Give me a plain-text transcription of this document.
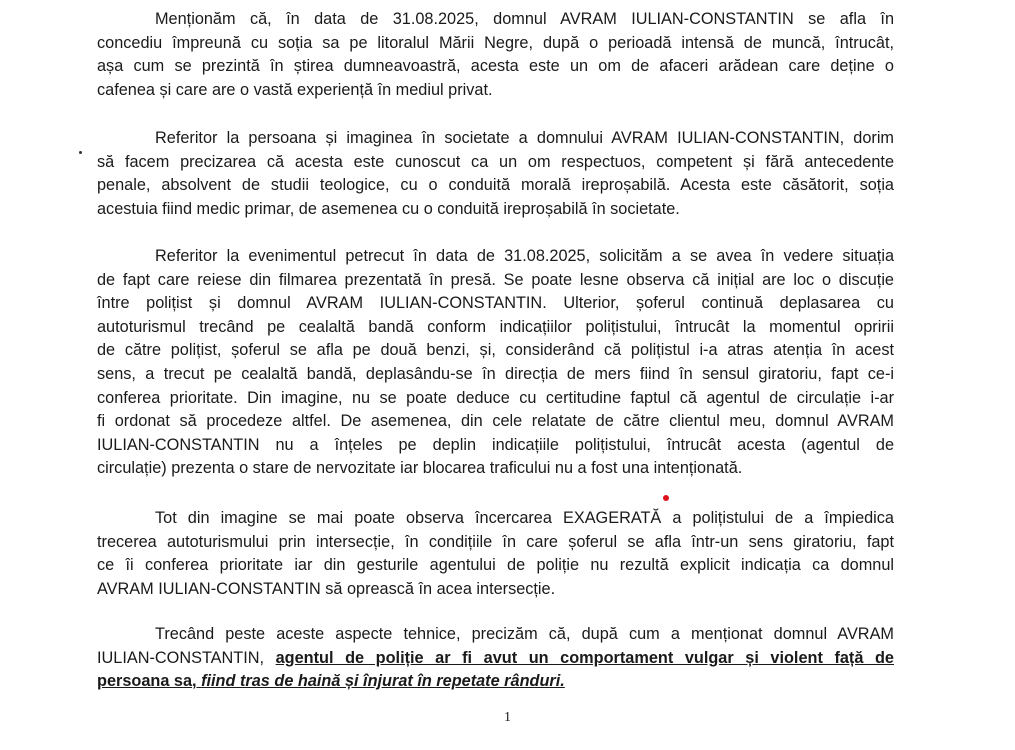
Menționăm că, în data de 31.08.2025, domnul AVRAM IULIAN-CONSTANTIN se afla în
concediu împreună cu soția sa pe litoralul Mării Negre, după o perioadă intensă de muncă, întrucât,
așa cum se prezintă în știrea dumneavoastră, acesta este un om de afaceri arădean care deține o
cafenea și care are o vastă experiență în mediul privat.

Referitor la persoana și imaginea în societate a domnului AVRAM IULIAN-CONSTANTIN, dorim
să facem precizarea că acesta este cunoscut ca un om respectuos, competent și fără antecedente
penale, absolvent de studii teologice, cu o conduită morală ireproșabilă. Acesta este căsătorit, soția
acestuia fiind medic primar, de asemenea cu o conduită ireproșabilă în societate.

Referitor la evenimentul petrecut în data de 31.08.2025, solicităm a se avea în vedere situația
de fapt care reiese din filmarea prezentată în presă. Se poate lesne observa că inițial are loc o discuție
între polițist și domnul AVRAM IULIAN-CONSTANTIN. Ulterior, șoferul continuă deplasarea cu
autoturismul trecând pe cealaltă bandă conform indicațiilor polițistului, întrucât la momentul opririi
de către polițist, șoferul se afla pe două benzi, și, considerând că polițistul i-a atras atenția în acest
sens, a trecut pe cealaltă bandă, deplasându-se în direcția de mers fiind în sensul giratoriu, fapt ce-i
conferea prioritate. Din imagine, nu se poate deduce cu certitudine faptul că agentul de circulație i-ar
fi ordonat să procedeze altfel. De asemenea, din cele relatate de către clientul meu, domnul AVRAM
IULIAN-CONSTANTIN nu a înțeles pe deplin indicațiile polițistului, întrucât acesta (agentul de
circulație) prezenta o stare de nervozitate iar blocarea traficului nu a fost una intenționată.

Tot din imagine se mai poate observa încercarea EXAGERATĂ a polițistului de a împiedica
trecerea autoturismului prin intersecție, în condițiile în care șoferul se afla într-un sens giratoriu, fapt
ce îi conferea prioritate iar din gesturile agentului de poliție nu rezultă explicit indicația ca domnul
AVRAM IULIAN-CONSTANTIN să oprească în acea intersecție.

Trecând peste aceste aspecte tehnice, precizăm că, după cum a menționat domnul AVRAM
IULIAN-CONSTANTIN, agentul de poliție ar fi avut un comportament vulgar și violent față de
persoana sa, fiind tras de haină și înjurat în repetate rânduri.

1
